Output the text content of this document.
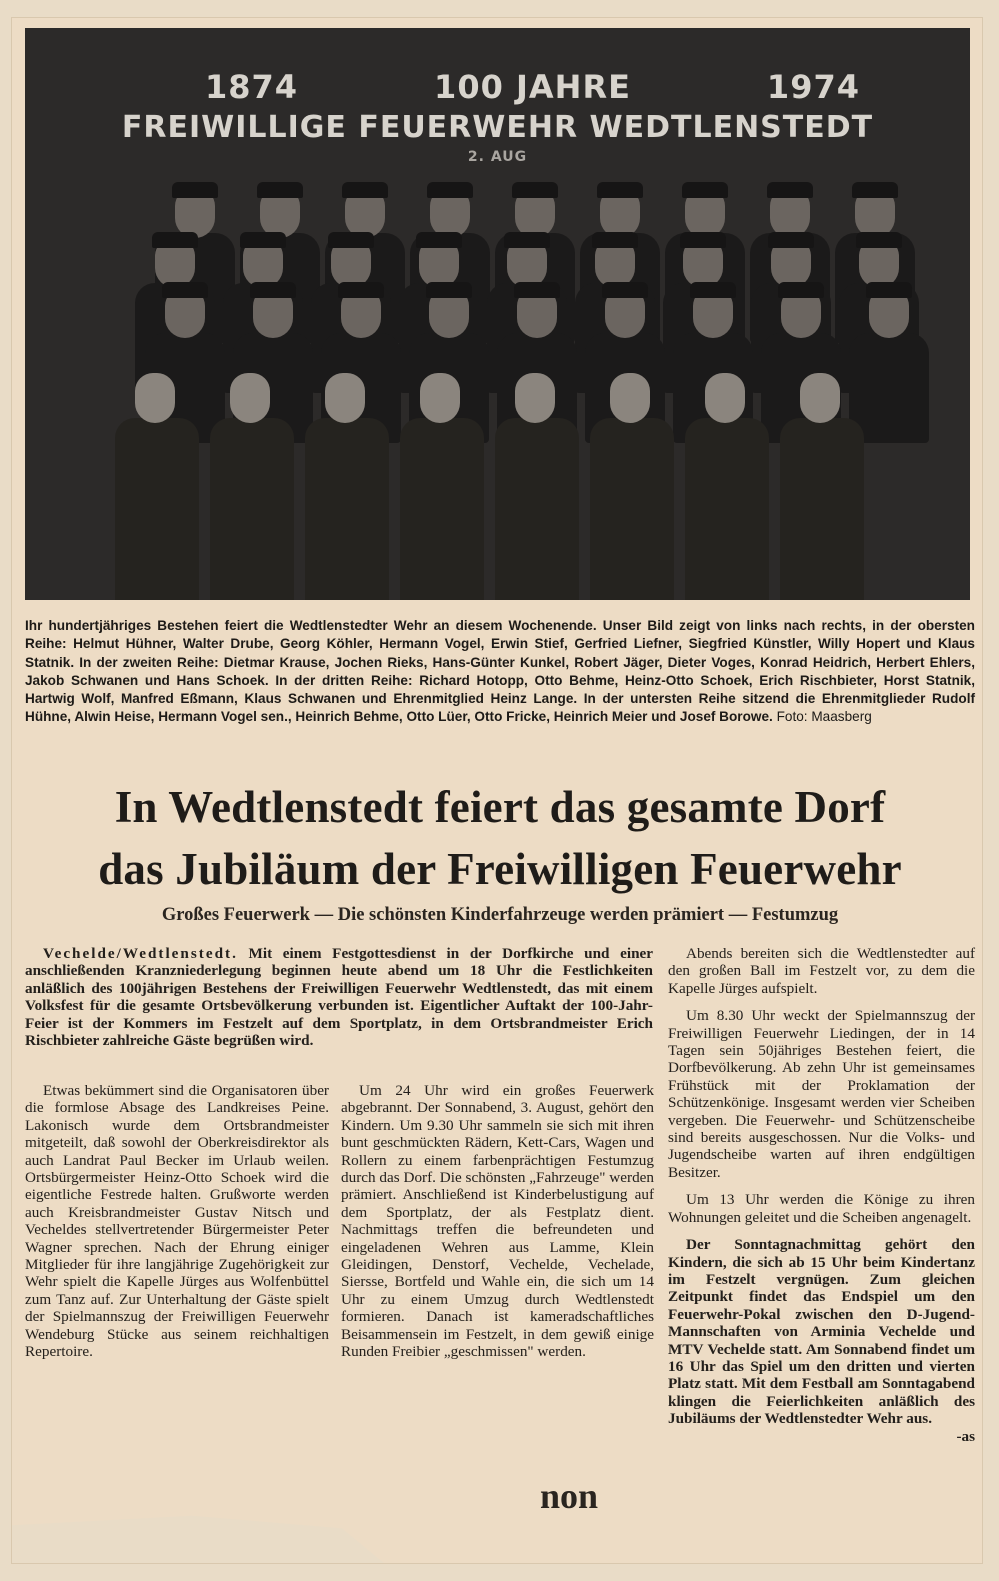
1874	100 JAHRE	1974
FREIWILLIGE FEUERWEHR WEDTLENSTEDT
2. AUG
Ihr hundertjähriges Bestehen feiert die Wedtlenstedter Wehr an diesem Wochenende. Unser Bild zeigt von links nach rechts, in der obersten Reihe: Helmut Hühner, Walter Drube, Georg Köhler, Hermann Vogel, Erwin Stief, Gerfried Liefner, Siegfried Künstler, Willy Hopert und Klaus Statnik. In der zweiten Reihe: Dietmar Krause, Jochen Rieks, Hans-Günter Kunkel, Robert Jäger, Dieter Voges, Konrad Heidrich, Herbert Ehlers, Jakob Schwanen und Hans Schoek. In der dritten Reihe: Richard Hotopp, Otto Behme, Heinz-Otto Schoek, Erich Rischbieter, Horst Statnik, Hartwig Wolf, Manfred Eßmann, Klaus Schwanen und Ehrenmitglied Heinz Lange. In der untersten Reihe sitzend die Ehrenmitglieder Rudolf Hühne, Alwin Heise, Hermann Vogel sen., Heinrich Behme, Otto Lüer, Otto Fricke, Heinrich Meier und Josef Borowe. Foto: Maasberg
In Wedtlenstedt feiert das gesamte Dorf
das Jubiläum der Freiwilligen Feuerwehr
Großes Feuerwerk — Die schönsten Kinderfahrzeuge werden prämiert — Festumzug

Vechelde/Wedtlenstedt. Mit einem Festgottesdienst in der Dorfkirche und einer anschließenden Kranzniederlegung beginnen heute abend um 18 Uhr die Festlichkeiten anläßlich des 100jährigen Bestehens der Freiwilligen Feuerwehr Wedtlenstedt, das mit einem Volksfest für die gesamte Ortsbevölkerung verbunden ist. Eigentlicher Auftakt der 100-Jahr-Feier ist der Kommers im Festzelt auf dem Sportplatz, in dem Ortsbrandmeister Erich Rischbieter zahlreiche Gäste begrüßen wird.

Etwas bekümmert sind die Organisatoren über die formlose Absage des Landkreises Peine. Lakonisch wurde dem Ortsbrandmeister mitgeteilt, daß sowohl der Oberkreisdirektor als auch Landrat Paul Becker im Urlaub weilen. Ortsbürgermeister Heinz-Otto Schoek wird die eigentliche Festrede halten. Grußworte werden auch Kreisbrandmeister Gustav Nitsch und Vecheldes stellvertretender Bürgermeister Peter Wagner sprechen. Nach der Ehrung einiger Mitglieder für ihre langjährige Zugehörigkeit zur Wehr spielt die Kapelle Jürges aus Wolfenbüttel zum Tanz auf. Zur Unterhaltung der Gäste spielt der Spielmannszug der Freiwilligen Feuerwehr Wendeburg Stücke aus seinem reichhaltigen Repertoire.

Um 24 Uhr wird ein großes Feuerwerk abgebrannt. Der Sonnabend, 3. August, gehört den Kindern. Um 9.30 Uhr sammeln sie sich mit ihren bunt geschmückten Rädern, Kett-Cars, Wagen und Rollern zu einem farbenprächtigen Festumzug durch das Dorf. Die schönsten „Fahrzeuge" werden prämiert. Anschließend ist Kinderbelustigung auf dem Sportplatz, der als Festplatz dient. Nachmittags treffen die befreundeten und eingeladenen Wehren aus Lamme, Klein Gleidingen, Denstorf, Vechelde, Vechelade, Siersse, Bortfeld und Wahle ein, die sich um 14 Uhr zu einem Umzug durch Wedtlenstedt formieren. Danach ist kameradschaftliches Beisammensein im Festzelt, in dem gewiß einige Runden Freibier „geschmissen" werden.

Abends bereiten sich die Wedtlenstedter auf den großen Ball im Festzelt vor, zu dem die Kapelle Jürges aufspielt.

Um 8.30 Uhr weckt der Spielmannszug der Freiwilligen Feuerwehr Liedingen, der in 14 Tagen sein 50jähriges Bestehen feiert, die Dorfbevölkerung. Ab zehn Uhr ist gemeinsames Frühstück mit der Proklamation der Schützenkönige. Insgesamt werden vier Scheiben vergeben. Die Feuerwehr- und Schützenscheibe sind bereits ausgeschossen. Nur die Volks- und Jugendscheibe warten auf ihren endgültigen Besitzer.

Um 13 Uhr werden die Könige zu ihren Wohnungen geleitet und die Scheiben angenagelt.

Der Sonntagnachmittag gehört den Kindern, die sich ab 15 Uhr beim Kindertanz im Festzelt vergnügen. Zum gleichen Zeitpunkt findet das Endspiel um den Feuerwehr-Pokal zwischen den D-Jugend-Mannschaften von Arminia Vechelde und MTV Vechelde statt. Am Sonnabend findet um 16 Uhr das Spiel um den dritten und vierten Platz statt. Mit dem Festball am Sonntagabend klingen die Feierlichkeiten anläßlich des Jubiläums der Wedtlenstedter Wehr aus.

-as
non
